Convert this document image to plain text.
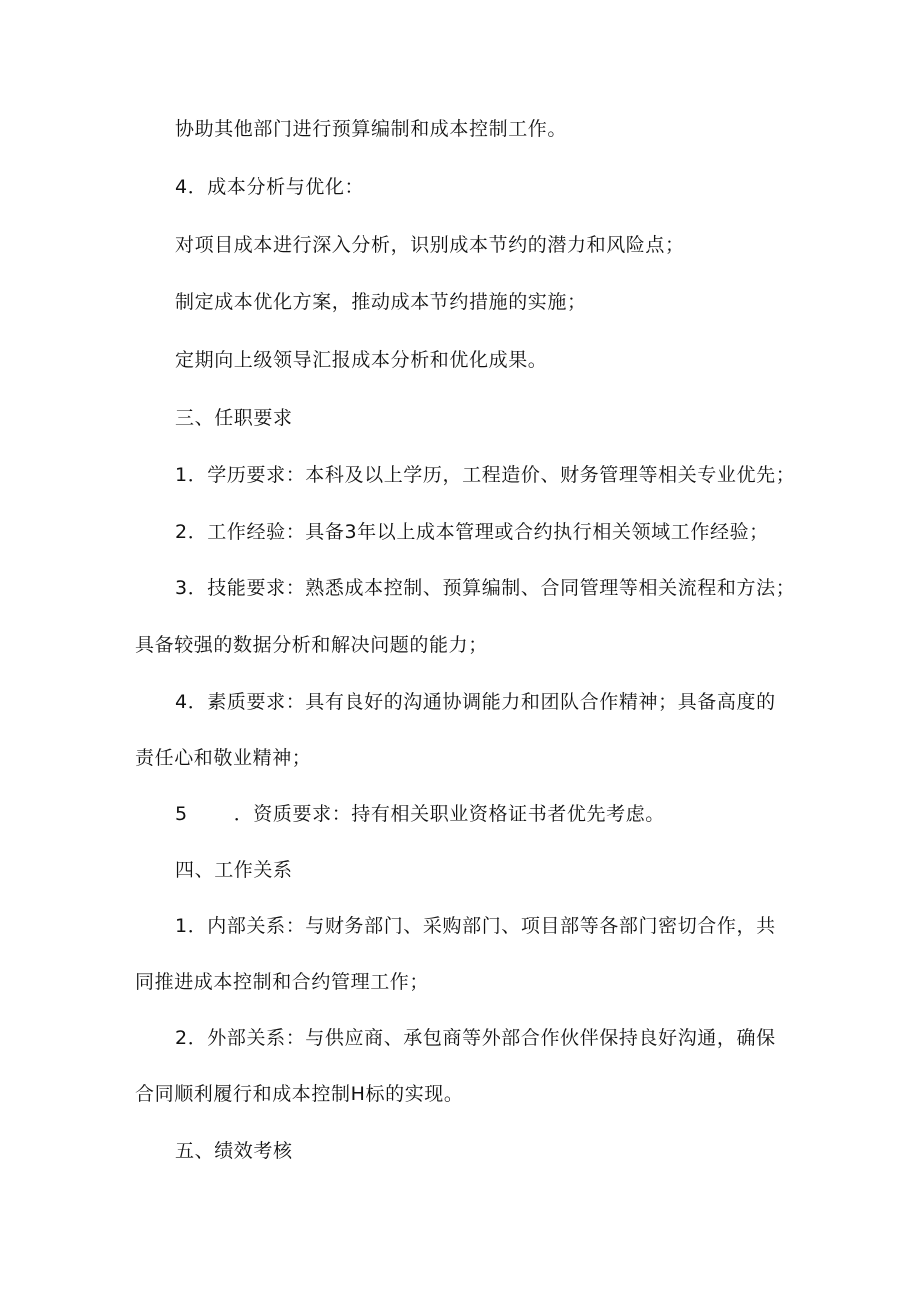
协助其他部门进行预算编制和成本控制工作。
4．成本分析与优化：
对项目成本进行深入分析，识别成本节约的潜力和风险点；
制定成本优化方案，推动成本节约措施的实施；
定期向上级领导汇报成本分析和优化成果。
三、任职要求
1．学历要求：本科及以上学历，工程造价、财务管理等相关专业优先；
2．工作经验：具备3年以上成本管理或合约执行相关领域工作经验；
3．技能要求：熟悉成本控制、预算编制、合同管理等相关流程和方法；
具备较强的数据分析和解决问题的能力；
4．素质要求：具有良好的沟通协调能力和团队合作精神；具备高度的
责任心和敬业精神；
5 ．资质要求：持有相关职业资格证书者优先考虑。
四、工作关系
1．内部关系：与财务部门、采购部门、项目部等各部门密切合作，共
同推进成本控制和合约管理工作；
2．外部关系：与供应商、承包商等外部合作伙伴保持良好沟通，确保
合同顺利履行和成本控制H标的实现。
五、绩效考核
